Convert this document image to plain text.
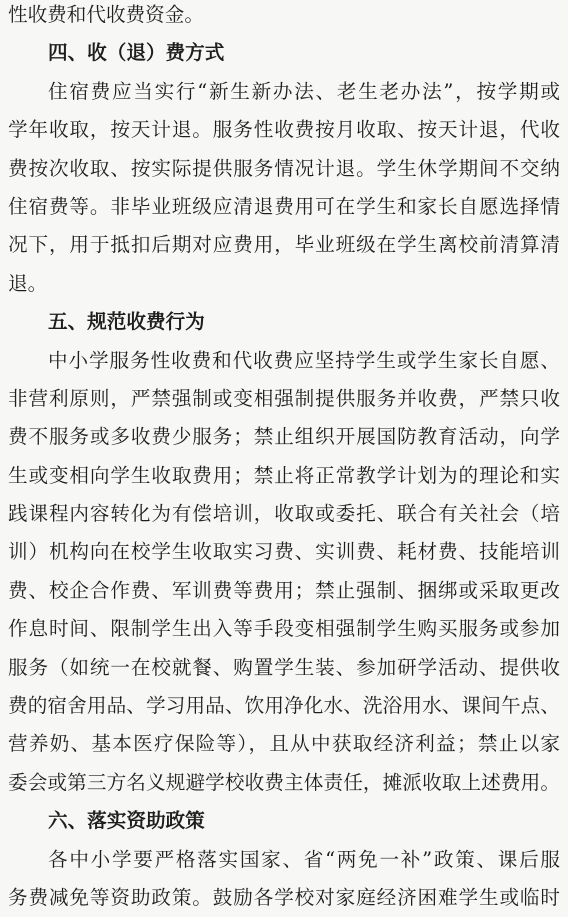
性收费和代收费资金。
四、收（退）费方式
住宿费应当实行“新生新办法、老生老办法”，按学期或
学年收取，按天计退。服务性收费按月收取、按天计退，代收
费按次收取、按实际提供服务情况计退。学生休学期间不交纳
住宿费等。非毕业班级应清退费用可在学生和家长自愿选择情
况下，用于抵扣后期对应费用，毕业班级在学生离校前清算清
退。
五、规范收费行为
中小学服务性收费和代收费应坚持学生或学生家长自愿、
非营利原则，严禁强制或变相强制提供服务并收费，严禁只收
费不服务或多收费少服务；禁止组织开展国防教育活动，向学
生或变相向学生收取费用；禁止将正常教学计划为的理论和实
践课程内容转化为有偿培训，收取或委托、联合有关社会（培
训）机构向在校学生收取实习费、实训费、耗材费、技能培训
费、校企合作费、军训费等费用；禁止强制、捆绑或采取更改
作息时间、限制学生出入等手段变相强制学生购买服务或参加
服务（如统一在校就餐、购置学生装、参加研学活动、提供收
费的宿舍用品、学习用品、饮用净化水、洗浴用水、课间午点、
营养奶、基本医疗保险等），且从中获取经济利益；禁止以家
委会或第三方名义规避学校收费主体责任，摊派收取上述费用。
六、落实资助政策
各中小学要严格落实国家、省“两免一补”政策、课后服
务费减免等资助政策。鼓励各学校对家庭经济困难学生或临时
